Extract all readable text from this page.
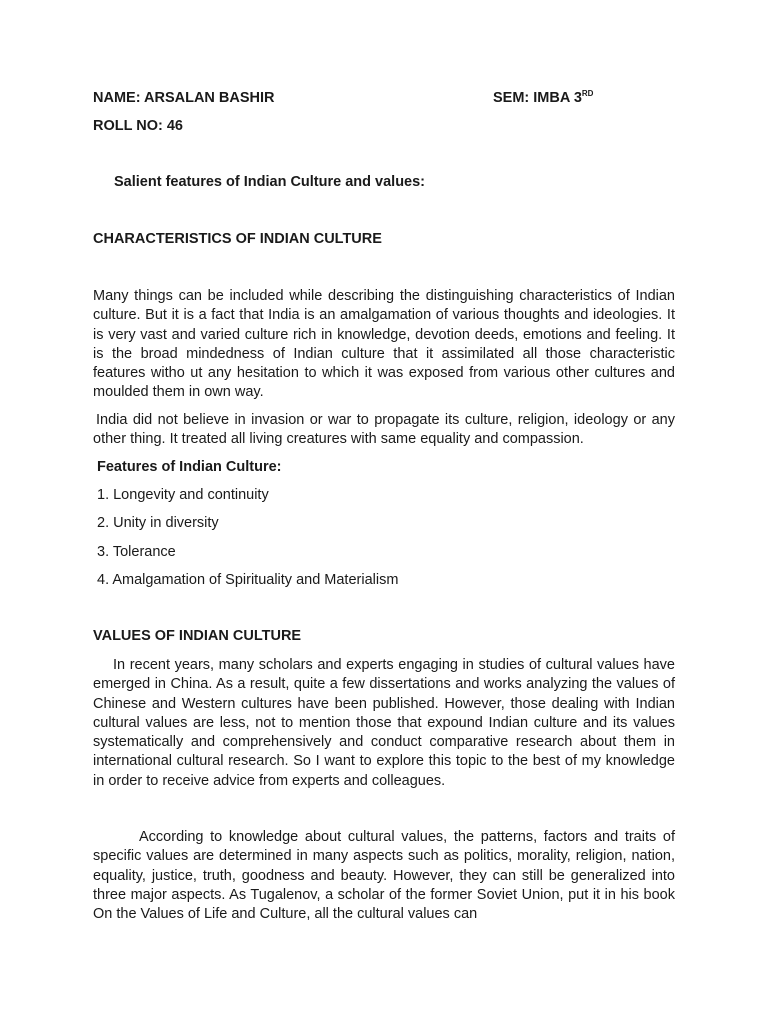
NAME: ARSALAN BASHIR	SEM: IMBA 3RD
ROLL NO: 46
Salient features of Indian Culture and values:
CHARACTERISTICS OF INDIAN CULTURE

Many things can be included while describing the distinguishing characteristics of Indian culture. But it is a fact that India is an amalgamation of various thoughts and ideologies. It is very vast and varied culture rich in knowledge, devotion deeds, emotions and feeling. It is the broad mindedness of Indian culture that it assimilated all those characteristic features witho ut any hesitation to which it was exposed from various other cultures and moulded them in own way.

India did not believe in invasion or war to propagate its culture, religion, ideology or any other thing. It treated all living creatures with same equality and compassion.

Features of Indian Culture:
1. Longevity and continuity
2. Unity in diversity
3. Tolerance
4. Amalgamation of Spirituality and Materialism
VALUES OF INDIAN CULTURE

In recent years, many scholars and experts engaging in studies of cultural values have emerged in China. As a result, quite a few dissertations and works analyzing the values of Chinese and Western cultures have been published. However, those dealing with Indian cultural values are less, not to mention those that expound Indian culture and its values systematically and comprehensively and conduct comparative research about them in international cultural research. So I want to explore this topic to the best of my knowledge in order to receive advice from experts and colleagues.

According to knowledge about cultural values, the patterns, factors and traits of specific values are determined in many aspects such as politics, morality, religion, nation, equality, justice, truth, goodness and beauty. However, they can still be generalized into three major aspects. As Tugalenov, a scholar of the former Soviet Union, put it in his book On the Values of Life and Culture, all the cultural values can
